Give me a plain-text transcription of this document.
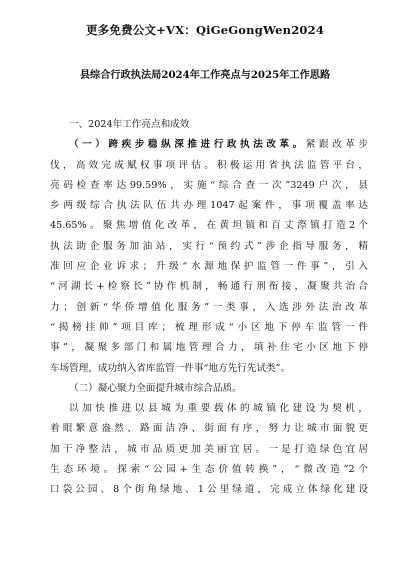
更多免费公文+VX：QiGeGongWen2024
县综合行政执法局2024年工作亮点与2025年工作思路
一、2024年工作亮点和成效
（一）跨疾步稳纵深推进行政执法改革。紧跟改革步
伐，高效完成赋权事项评估。积极运用省执法监管平台，
亮码检查率达99.59%，实施“综合查一次”3249户次，县
乡两级综合执法队伍共办理1047起案件，事项覆盖率达
45.65%。聚焦增值化改革，在黄坦镇和百丈漈镇打造2个
执法助企服务加油站，实行“预约式”涉企指导服务，精
准回应企业诉求；升级“水源地保护监管一件事”，引入
“河湖长+检察长”协作机制，畅通行刑衔接，凝聚共治合
力；创新“华侨增值化服务”一类事，入选涉外法治改革
“揭榜挂帅”项目库；梳理形成“小区地下停车监管一件
事”，凝聚多部门和属地管理合力，填补住宅小区地下停
车场管理，成功纳入省库监管一件事“地方先行先试类”。
（二）凝心聚力全面提升城市综合品质。
以加快推进以县城为重要载体的城镇化建设为契机，
着眼繁意盎然、路面洁净、街面有序，努力让城市面貌更
加干净整洁，城市品质更加美丽宜居。一是打造绿色宜居
生态环境。探索“公园+生态价值转换”，“微改造”2个
口袋公园、8个街角绿地、1公里绿道，完成立体绿化建设
